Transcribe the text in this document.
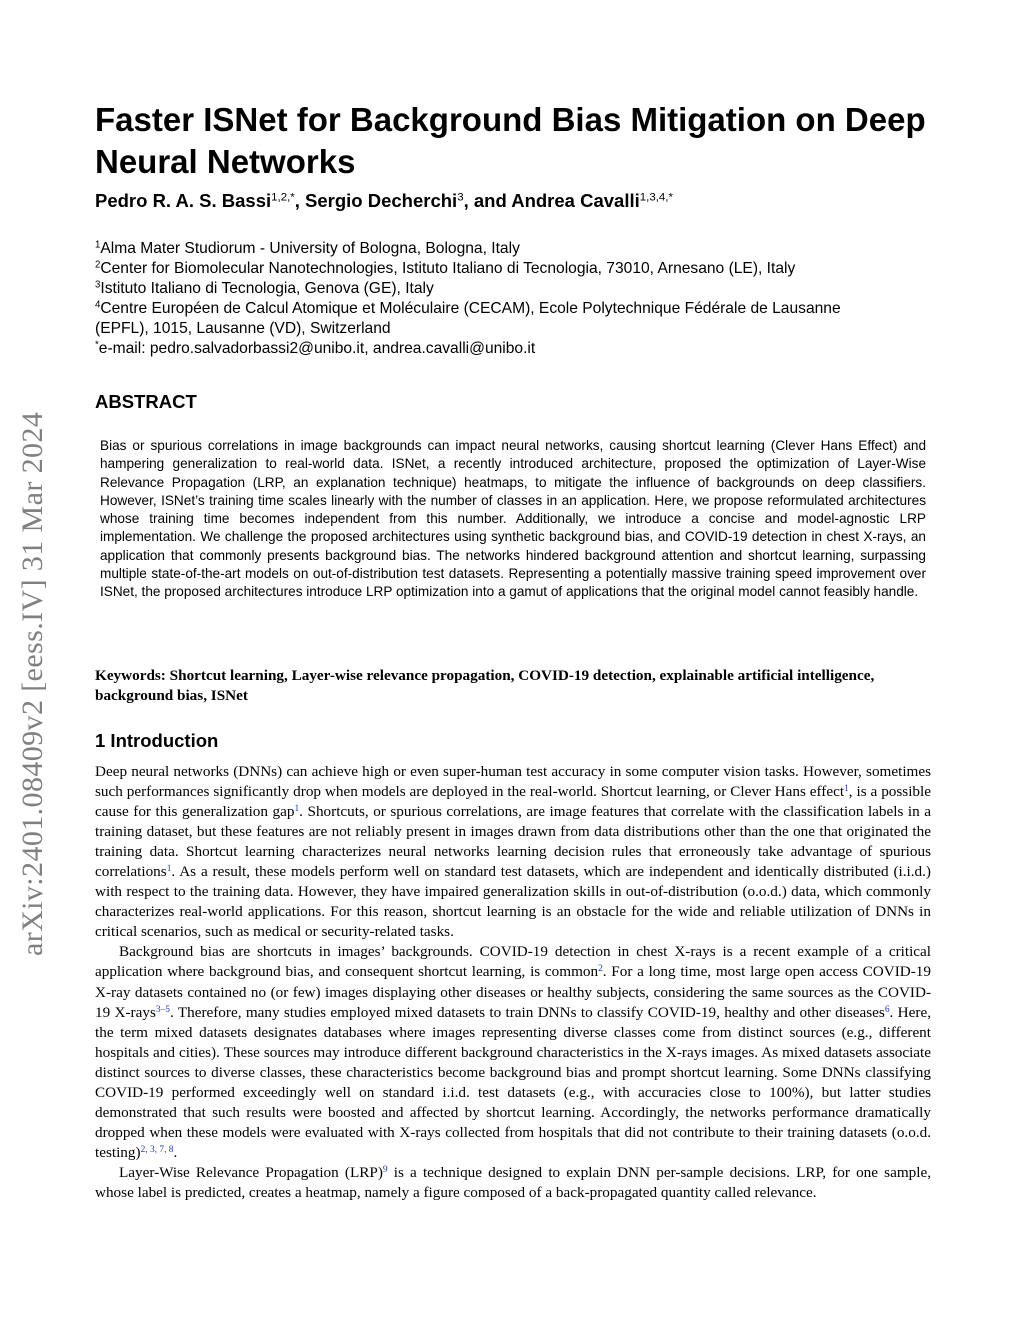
arXiv:2401.08409v2 [eess.IV] 31 Mar 2024
Faster ISNet for Background Bias Mitigation on Deep Neural Networks
Pedro R. A. S. Bassi$^{1,2,*}$, Sergio Decherchi$^3$, and Andrea Cavalli$^{1,3,4,*}$
$^1$Alma Mater Studiorum - University of Bologna, Bologna, Italy
$^2$Center for Biomolecular Nanotechnologies, Istituto Italiano di Tecnologia, 73010, Arnesano (LE), Italy
$^3$Istituto Italiano di Tecnologia, Genova (GE), Italy
$^4$Centre Européen de Calcul Atomique et Moléculaire (CECAM), Ecole Polytechnique Fédérale de Lausanne
(EPFL), 1015, Lausanne (VD), Switzerland
*e-mail: pedro.salvadorbassi2@unibo.it, andrea.cavalli@unibo.it
ABSTRACT
Bias or spurious correlations in image backgrounds can impact neural networks, causing shortcut learning (Clever Hans Effect) and hampering generalization to real-world data. ISNet, a recently introduced architecture, proposed the optimization of Layer-Wise Relevance Propagation (LRP, an explanation technique) heatmaps, to mitigate the influence of backgrounds on deep classifiers. However, ISNet’s training time scales linearly with the number of classes in an application. Here, we propose reformulated architectures whose training time becomes independent from this number. Additionally, we introduce a concise and model-agnostic LRP implementation. We challenge the proposed architectures using synthetic background bias, and COVID-19 detection in chest X-rays, an application that commonly presents background bias. The networks hindered background attention and shortcut learning, surpassing multiple state-of-the-art models on out-of-distribution test datasets. Representing a potentially massive training speed improvement over ISNet, the proposed architectures introduce LRP optimization into a gamut of applications that the original model cannot feasibly handle.
Keywords: Shortcut learning, Layer-wise relevance propagation, COVID-19 detection, explainable artificial intelligence, background bias, ISNet
1 Introduction

Deep neural networks (DNNs) can achieve high or even super-human test accuracy in some computer vision tasks. However, sometimes such performances significantly drop when models are deployed in the real-world. Shortcut learning, or Clever Hans effect$^1$, is a possible cause for this generalization gap$^1$. Shortcuts, or spurious correlations, are image features that correlate with the classification labels in a training dataset, but these features are not reliably present in images drawn from data distributions other than the one that originated the training data. Shortcut learning characterizes neural networks learning decision rules that erroneously take advantage of spurious correlations$^1$. As a result, these models perform well on standard test datasets, which are independent and identically distributed (i.i.d.) with respect to the training data. However, they have impaired generalization skills in out-of-distribution (o.o.d.) data, which commonly characterizes real-world applications. For this reason, shortcut learning is an obstacle for the wide and reliable utilization of DNNs in critical scenarios, such as medical or security-related tasks.

Background bias are shortcuts in images’ backgrounds. COVID-19 detection in chest X-rays is a recent example of a critical application where background bias, and consequent shortcut learning, is common$^2$. For a long time, most large open access COVID-19 X-ray datasets contained no (or few) images displaying other diseases or healthy subjects, considering the same sources as the COVID-19 X-rays$^{3-5}$. Therefore, many studies employed mixed datasets to train DNNs to classify COVID-19, healthy and other diseases$^6$. Here, the term mixed datasets designates databases where images representing diverse classes come from distinct sources (e.g., different hospitals and cities). These sources may introduce different background characteristics in the X-rays images. As mixed datasets associate distinct sources to diverse classes, these characteristics become background bias and prompt shortcut learning. Some DNNs classifying COVID-19 performed exceedingly well on standard i.i.d. test datasets (e.g., with accuracies close to 100%), but latter studies demonstrated that such results were boosted and affected by shortcut learning. Accordingly, the networks performance dramatically dropped when these models were evaluated with X-rays collected from hospitals that did not contribute to their training datasets (o.o.d. testing)$^{2, 3, 7, 8}$.

Layer-Wise Relevance Propagation (LRP)$^9$ is a technique designed to explain DNN per-sample decisions. LRP, for one sample, whose label is predicted, creates a heatmap, namely a figure composed of a back-propagated quantity called relevance.
